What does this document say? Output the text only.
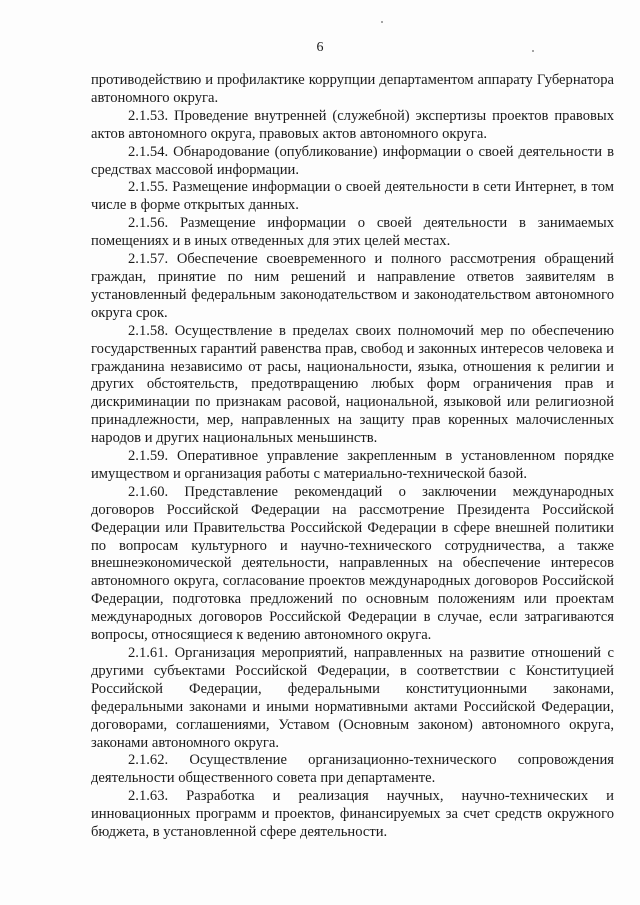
6

противодействию и профилактике коррупции департаментом аппарату Губернатора автономного округа.

2.1.53. Проведение внутренней (служебной) экспертизы проектов правовых актов автономного округа, правовых актов автономного округа.

2.1.54. Обнародование (опубликование) информации о своей деятельности в средствах массовой информации.

2.1.55. Размещение информации о своей деятельности в сети Интернет, в том числе в форме открытых данных.

2.1.56. Размещение информации о своей деятельности в занимаемых помещениях и в иных отведенных для этих целей местах.

2.1.57. Обеспечение своевременного и полного рассмотрения обращений граждан, принятие по ним решений и направление ответов заявителям в установленный федеральным законодательством и законодательством автономного округа срок.

2.1.58. Осуществление в пределах своих полномочий мер по обеспечению государственных гарантий равенства прав, свобод и законных интересов человека и гражданина независимо от расы, национальности, языка, отношения к религии и других обстоятельств, предотвращению любых форм ограничения прав и дискриминации по признакам расовой, национальной, языковой или религиозной принадлежности, мер, направленных на защиту прав коренных малочисленных народов и других национальных меньшинств.

2.1.59. Оперативное управление закрепленным в установленном порядке имуществом и организация работы с материально-технической базой.

2.1.60. Представление рекомендаций о заключении международных договоров Российской Федерации на рассмотрение Президента Российской Федерации или Правительства Российской Федерации в сфере внешней политики по вопросам культурного и научно-технического сотрудничества, а также внешнеэкономической деятельности, направленных на обеспечение интересов автономного округа, согласование проектов международных договоров Российской Федерации, подготовка предложений по основным положениям или проектам международных договоров Российской Федерации в случае, если затрагиваются вопросы, относящиеся к ведению автономного округа.

2.1.61. Организация мероприятий, направленных на развитие отношений с другими субъектами Российской Федерации, в соответствии с Конституцией Российской Федерации, федеральными конституционными законами, федеральными законами и иными нормативными актами Российской Федерации, договорами, соглашениями, Уставом (Основным законом) автономного округа, законами автономного округа.

2.1.62. Осуществление организационно-технического сопровождения деятельности общественного совета при департаменте.

2.1.63. Разработка и реализация научных, научно-технических и инновационных программ и проектов, финансируемых за счет средств окружного бюджета, в установленной сфере деятельности.
